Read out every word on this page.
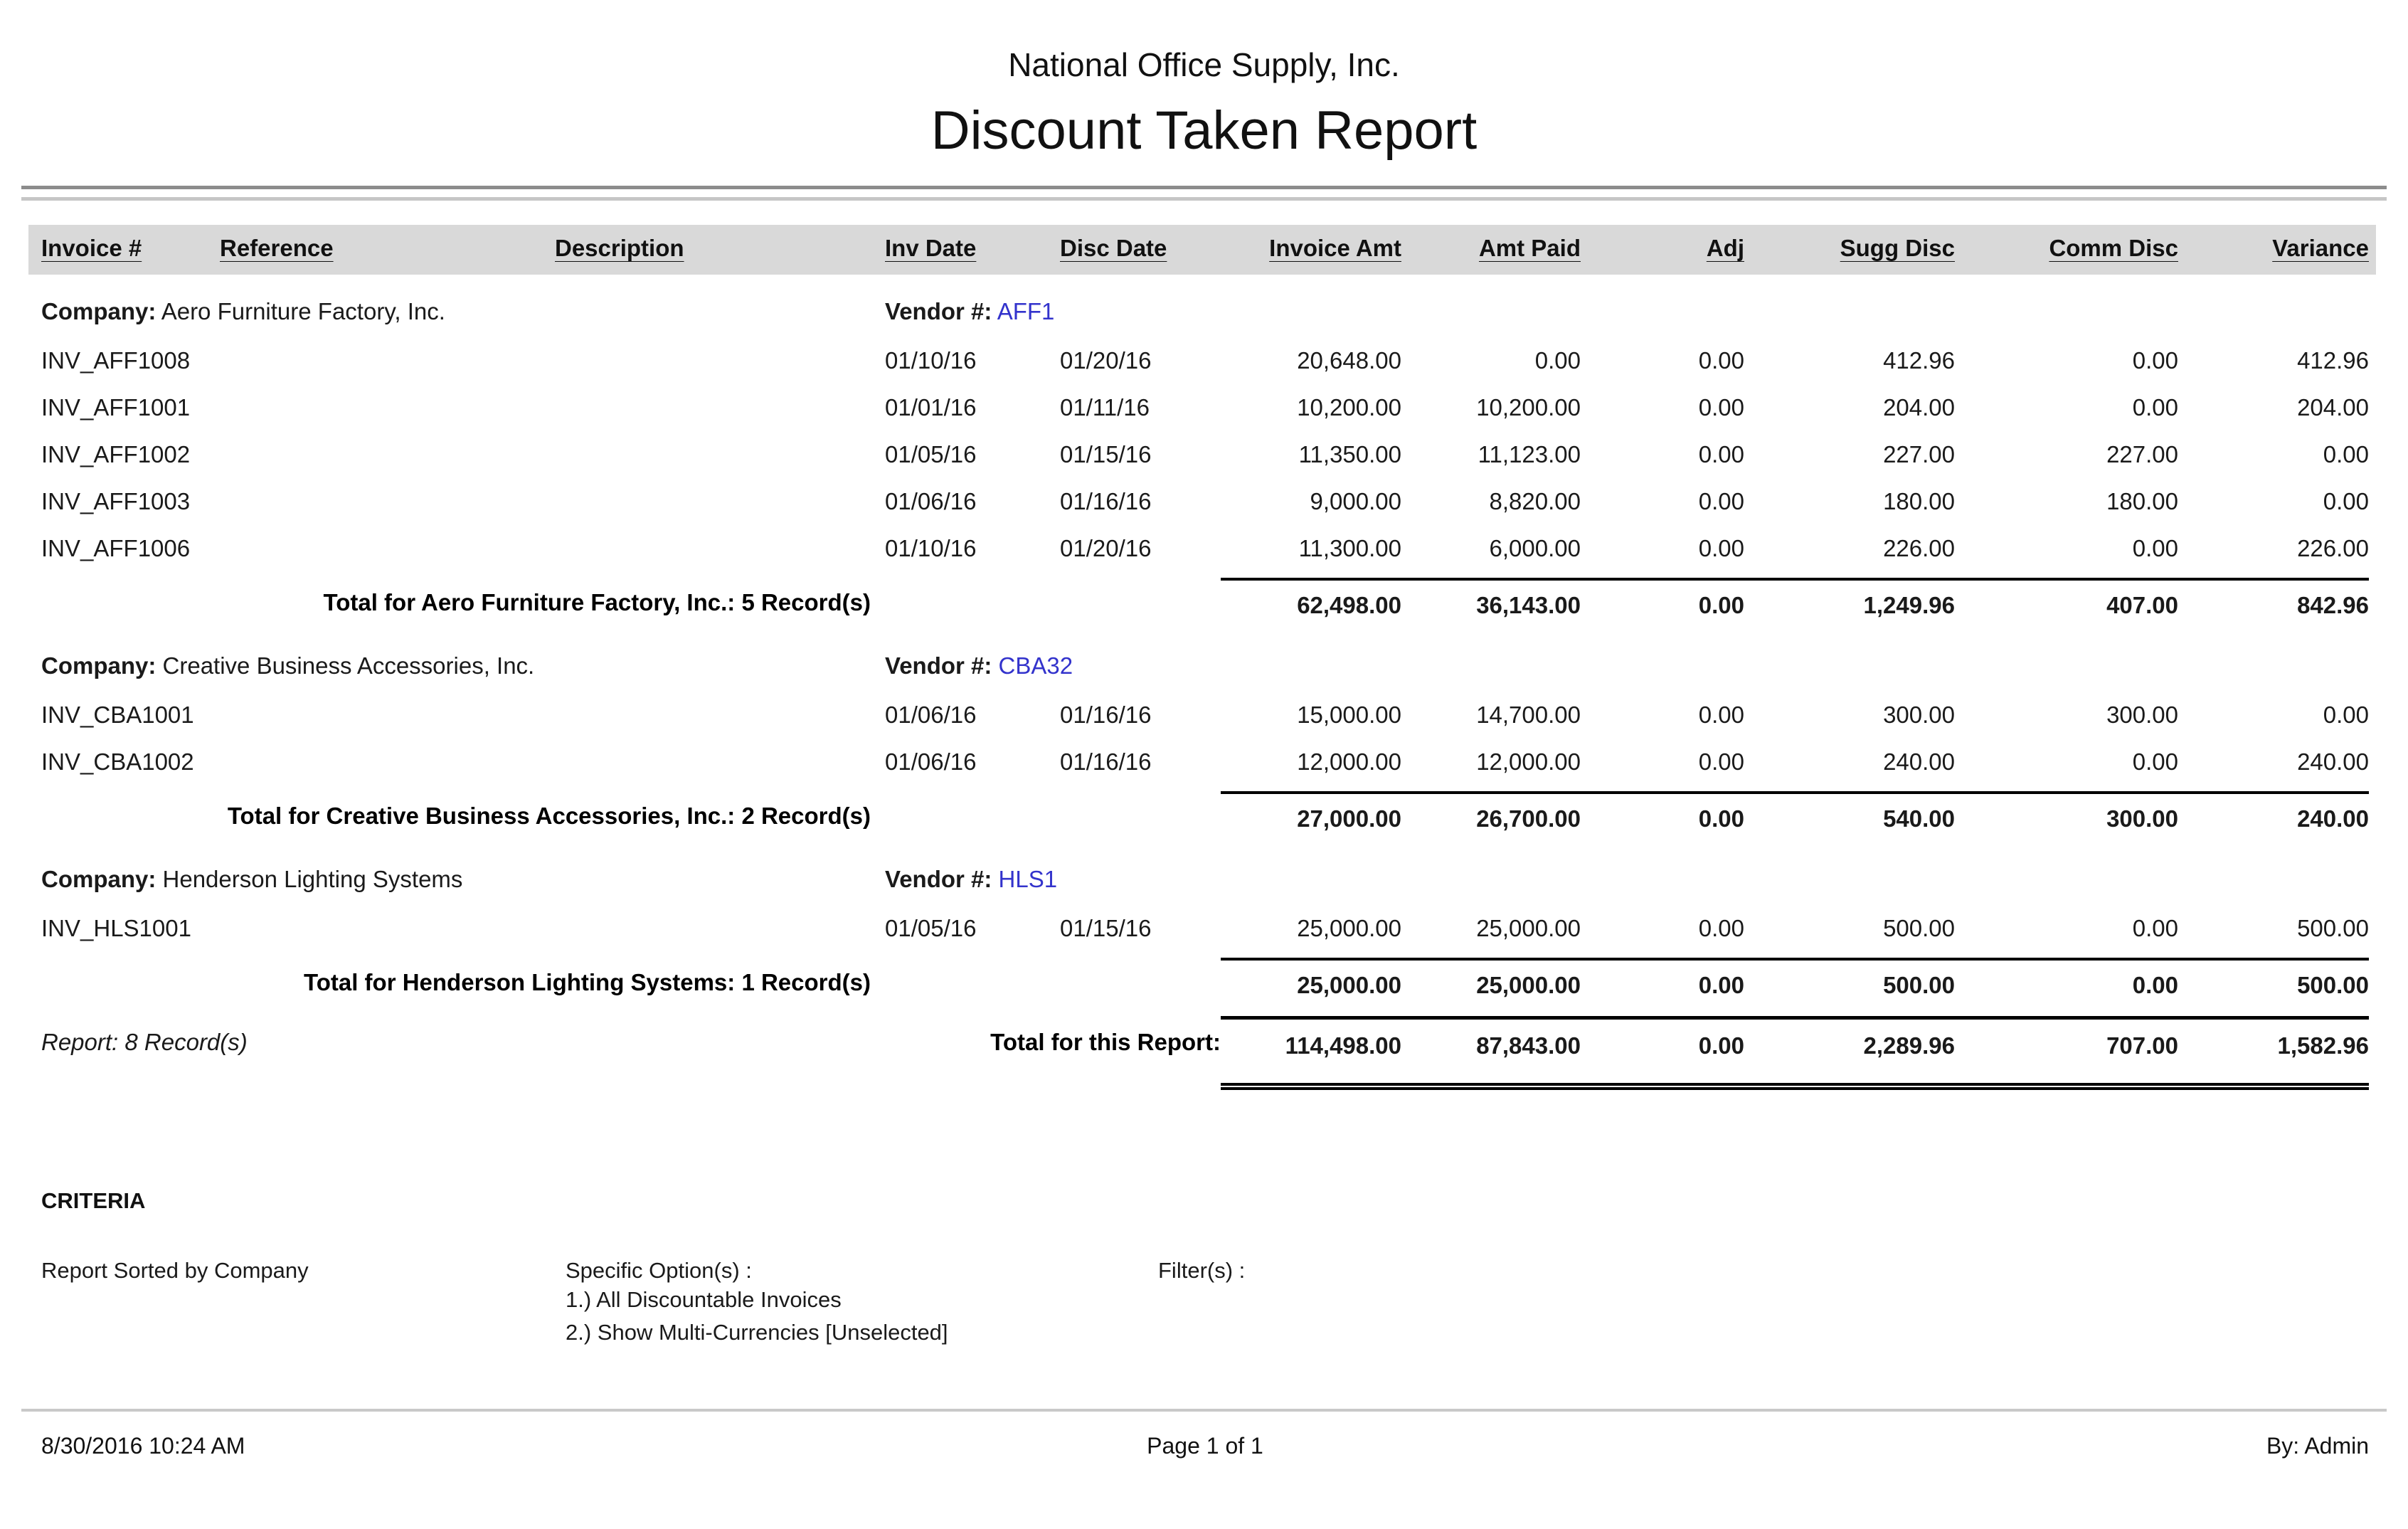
National Office Supply, Inc.
Discount Taken Report
Invoice #	Reference	Description	Inv Date	Disc Date	Invoice Amt	Amt Paid	Adj	Sugg Disc	Comm Disc	Variance
Company: Aero Furniture Factory, Inc.	Vendor #: AFF1
INV_AFF1008	01/10/16	01/20/16	20,648.00	0.00	0.00	412.96	0.00	412.96
INV_AFF1001	01/01/16	01/11/16	10,200.00	10,200.00	0.00	204.00	0.00	204.00
INV_AFF1002	01/05/16	01/15/16	11,350.00	11,123.00	0.00	227.00	227.00	0.00
INV_AFF1003	01/06/16	01/16/16	9,000.00	8,820.00	0.00	180.00	180.00	0.00
INV_AFF1006	01/10/16	01/20/16	11,300.00	6,000.00	0.00	226.00	0.00	226.00
Total for Aero Furniture Factory, Inc.: 5 Record(s)	62,498.00	36,143.00	0.00	1,249.96	407.00	842.96
Company: Creative Business Accessories, Inc.	Vendor #: CBA32
INV_CBA1001	01/06/16	01/16/16	15,000.00	14,700.00	0.00	300.00	300.00	0.00
INV_CBA1002	01/06/16	01/16/16	12,000.00	12,000.00	0.00	240.00	0.00	240.00
Total for Creative Business Accessories, Inc.: 2 Record(s)	27,000.00	26,700.00	0.00	540.00	300.00	240.00
Company: Henderson Lighting Systems	Vendor #: HLS1
INV_HLS1001	01/05/16	01/15/16	25,000.00	25,000.00	0.00	500.00	0.00	500.00
Total for Henderson Lighting Systems: 1 Record(s)	25,000.00	25,000.00	0.00	500.00	0.00	500.00
Report: 8 Record(s)	Total for this Report:	114,498.00	87,843.00	0.00	2,289.96	707.00	1,582.96
CRITERIA
Report Sorted by Company	Specific Option(s) :
1.) All Discountable Invoices
2.) Show Multi-Currencies [Unselected]
Filter(s) :
8/30/2016 10:24 AM	Page 1 of 1	By: Admin
